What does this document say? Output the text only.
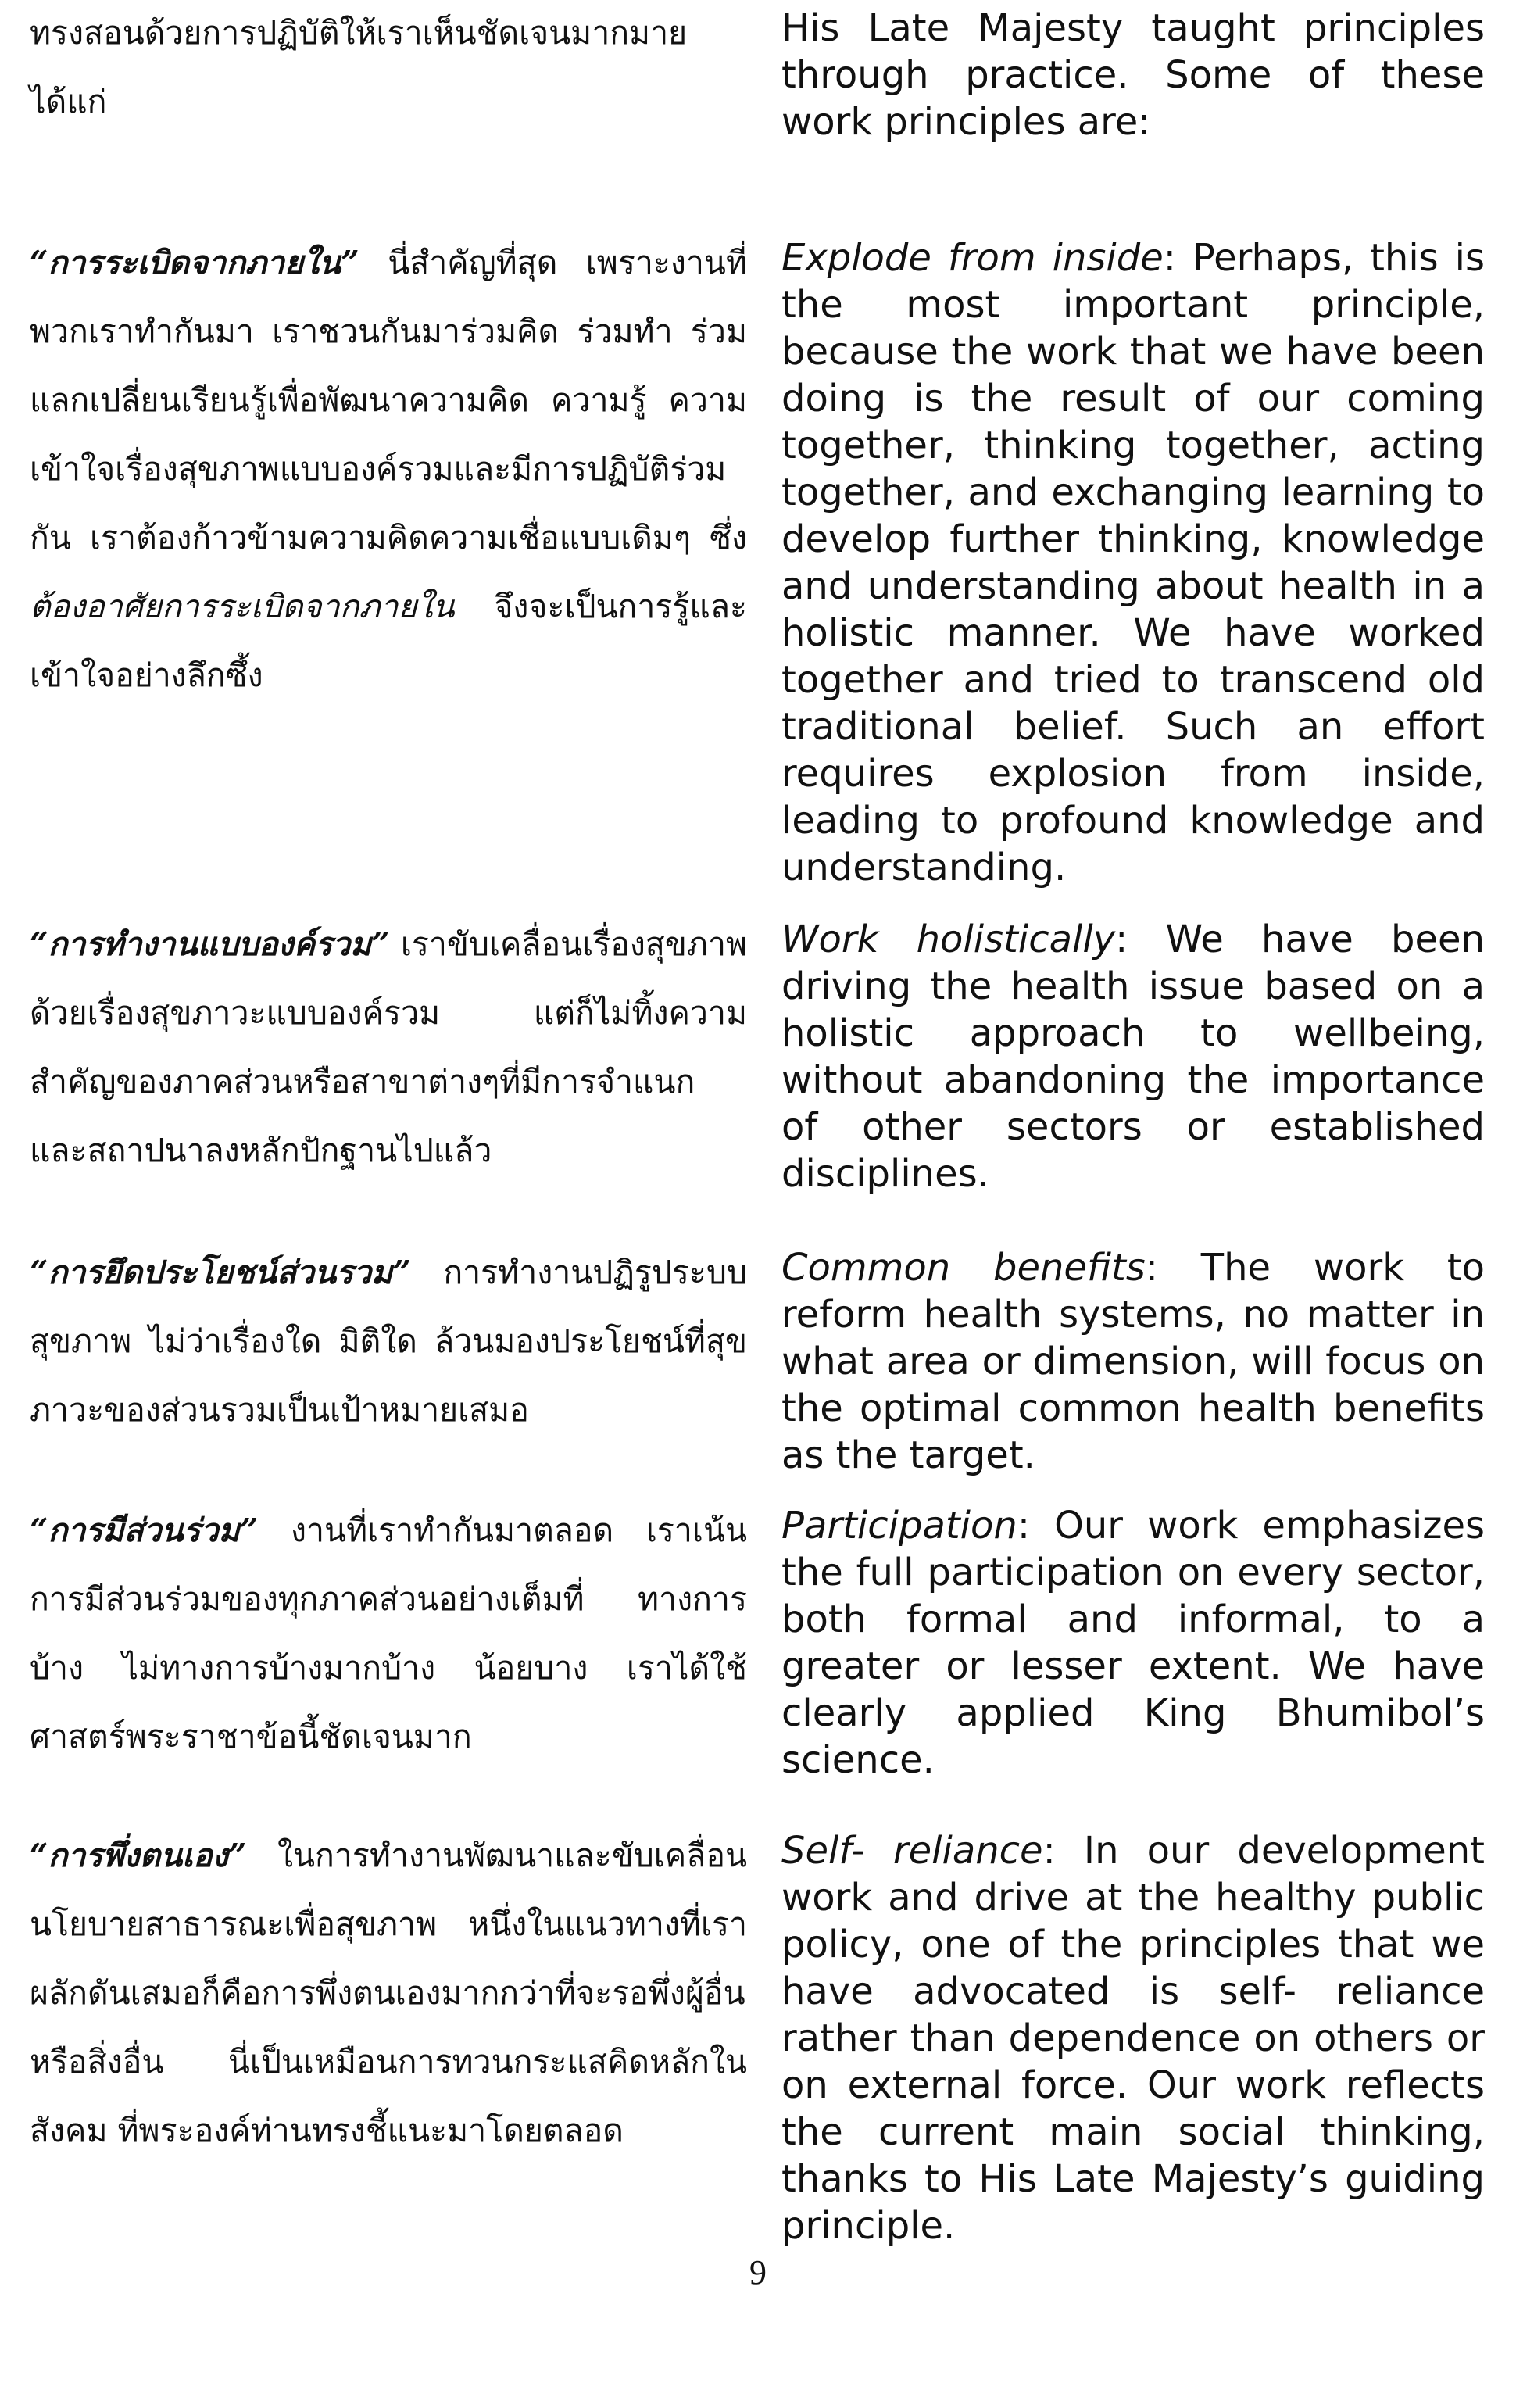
ทรงสอนด้วยการปฏิบัติให้เราเห็นชัดเจนมากมาย ได้แก่
His Late Majesty taught principles through practice. Some of these work principles are:
“การระเบิดจากภายใน” นี่สำคัญที่สุด เพราะงานที่พวกเราทำกันมา เราชวนกันมาร่วมคิด ร่วมทำ ร่วมแลกเปลี่ยนเรียนรู้เพื่อพัฒนาความคิด ความรู้ ความเข้าใจเรื่องสุขภาพแบบองค์รวมและมีการปฏิบัติร่วมกัน เราต้องก้าวข้ามความคิดความเชื่อแบบเดิมๆ ซึ่งต้องอาศัยการระเบิดจากภายใน จึงจะเป็นการรู้และเข้าใจอย่างลึกซึ้ง
Explode from inside: Perhaps, this is the most important principle, because the work that we have been doing is the result of our coming together, thinking together, acting together, and exchanging learning to develop further thinking, knowledge and understanding about health in a holistic manner. We have worked together and tried to transcend old traditional belief. Such an effort requires explosion from inside, leading to profound knowledge and understanding.
“การทำงานแบบองค์รวม” เราขับเคลื่อนเรื่องสุขภาพด้วยเรื่องสุขภาวะแบบองค์รวม แต่ก็ไม่ทิ้งความสำคัญของภาคส่วนหรือสาขาต่างๆที่มีการจำแนกและสถาปนาลงหลักปักฐานไปแล้ว
Work holistically: We have been driving the health issue based on a holistic approach to wellbeing, without abandoning the importance of other sectors or established disciplines.
“การยึดประโยชน์ส่วนรวม” การทำงานปฏิรูประบบสุขภาพ ไม่ว่าเรื่องใด มิติใด ล้วนมองประโยชน์ที่สุขภาวะของส่วนรวมเป็นเป้าหมายเสมอ
Common benefits: The work to reform health systems, no matter in what area or dimension, will focus on the optimal common health benefits as the target.
“การมีส่วนร่วม” งานที่เราทำกันมาตลอด เราเน้นการมีส่วนร่วมของทุกภาคส่วนอย่างเต็มที่ ทางการบ้าง ไม่ทางการบ้างมากบ้าง น้อยบาง เราได้ใช้ศาสตร์พระราชาข้อนี้ชัดเจนมาก
Participation: Our work emphasizes the full participation on every sector, both formal and informal, to a greater or lesser extent. We have clearly applied King Bhumibol’s science.
“การพึ่งตนเอง” ในการทำงานพัฒนาและขับเคลื่อนนโยบายสาธารณะเพื่อสุขภาพ หนึ่งในแนวทางที่เราผลักดันเสมอก็คือการพึ่งตนเองมากกว่าที่จะรอพึ่งผู้อื่นหรือสิ่งอื่น นี่เป็นเหมือนการทวนกระแสคิดหลักในสังคม ที่พระองค์ท่านทรงชี้แนะมาโดยตลอด
Self- reliance: In our development work and drive at the healthy public policy, one of the principles that we have advocated is self- reliance rather than dependence on others or on external force. Our work reflects the current main social thinking, thanks to His Late Majesty’s guiding principle.
9
